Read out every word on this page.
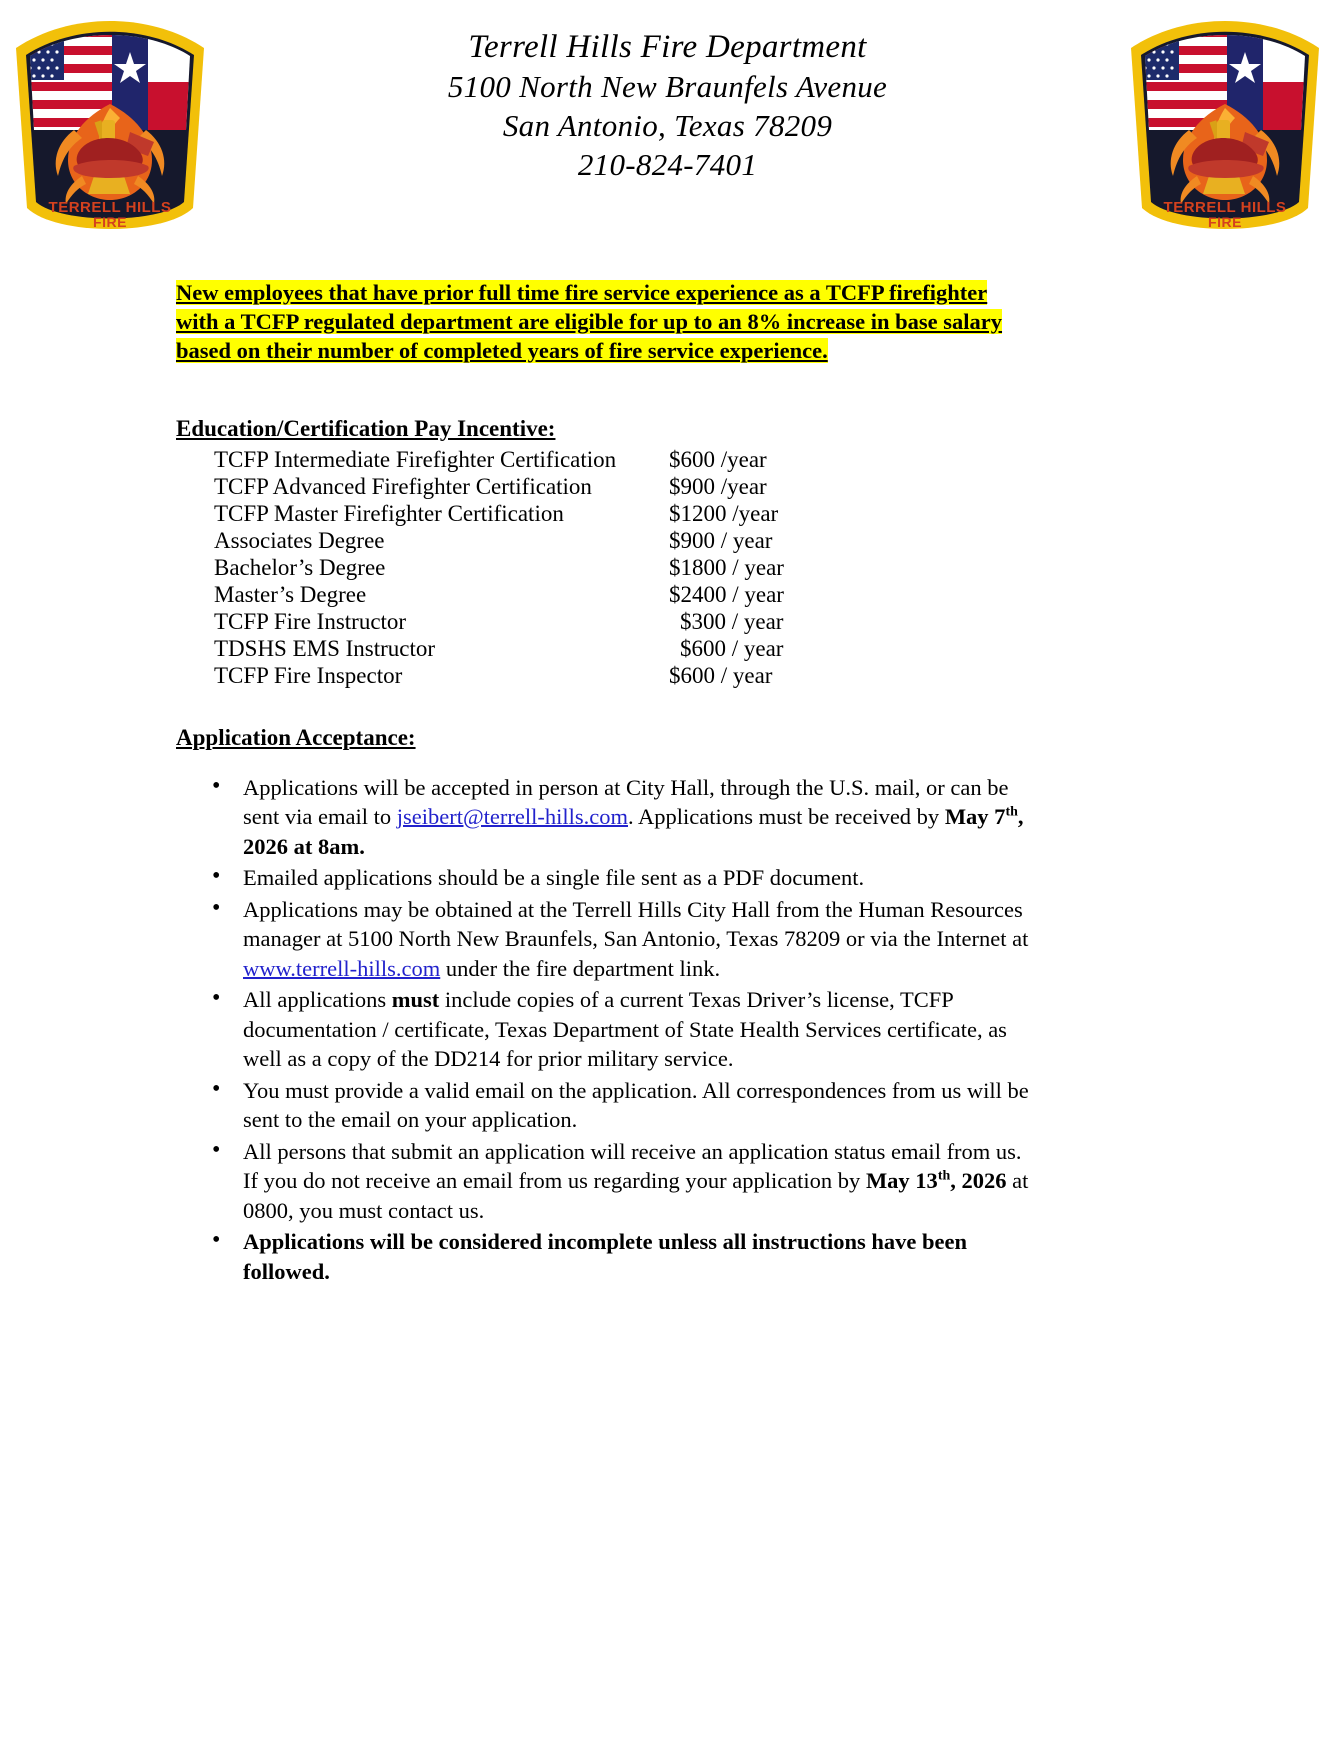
TERRELL HILLS
FIRE
Terrell Hills Fire Department
5100 North New Braunfels Avenue
San Antonio, Texas 78209
210-824-7401
TERRELL HILLS
FIRE

New employees that have prior full time fire service experience as a TCFP firefighter with a TCFP regulated department are eligible for up to an 8% increase in base salary based on their number of completed years of fire service experience.

Education/Certification Pay Incentive:
TCFP Intermediate Firefighter Certification	$600 /year
TCFP Advanced Firefighter Certification	$900 /year
TCFP Master Firefighter Certification	$1200 /year
Associates Degree	$900 / year
Bachelor’s Degree	$1800 / year
Master’s Degree	$2400 / year
TCFP Fire Instructor	$300 / year
TDSHS EMS Instructor	$600 / year
TCFP Fire Inspector	$600 / year
Application Acceptance:
• Applications will be accepted in person at City Hall, through the U.S. mail, or can be sent via email to jseibert@terrell-hills.com. Applications must be received by May 7th, 2026 at 8am.
• Emailed applications should be a single file sent as a PDF document.
• Applications may be obtained at the Terrell Hills City Hall from the Human Resources manager at 5100 North New Braunfels, San Antonio, Texas 78209 or via the Internet at www.terrell-hills.com under the fire department link.
• All applications must include copies of a current Texas Driver’s license, TCFP documentation / certificate, Texas Department of State Health Services certificate, as well as a copy of the DD214 for prior military service.
• You must provide a valid email on the application. All correspondences from us will be sent to the email on your application.
• All persons that submit an application will receive an application status email from us. If you do not receive an email from us regarding your application by May 13th, 2026 at 0800, you must contact us.
• Applications will be considered incomplete unless all instructions have been followed.
